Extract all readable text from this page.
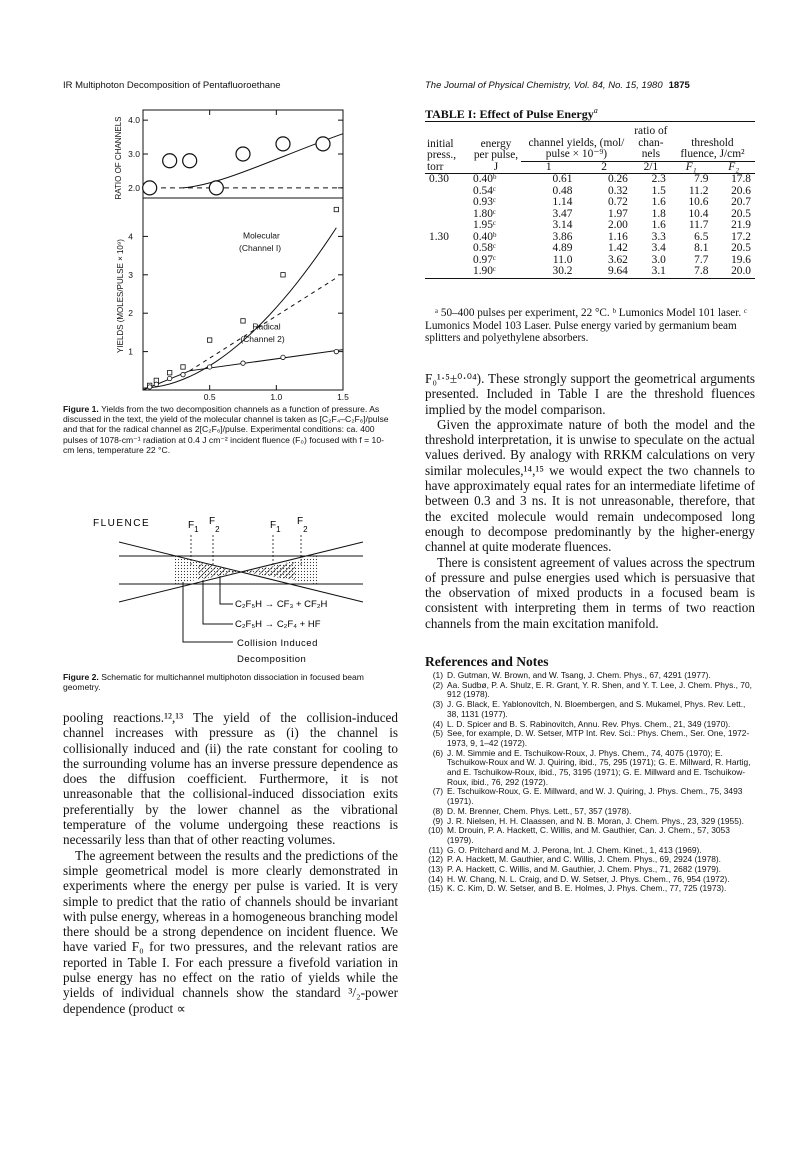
IR Multiphoton Decomposition of Pentafluoroethane	The Journal of Physical Chemistry, Vol. 84, No. 15, 1980 1875
4.0
3.0
2.0
4
3
2
1
0.5	1.0	1.5
RATIO OF CHANNELS
YIELDS (MOLES/PULSE × 10⁹)
Molecular
(Channel I)
Radical
(Channel 2)
Figure 1. Yields from the two decomposition channels as a function of pressure. As discussed in the text, the yield of the molecular channel is taken as [C₂F₄–C₂F₆]/pulse and that for the radical channel as 2[C₂F₆]/pulse. Experimental conditions: ca. 400 pulses of 1078-cm⁻¹ radiation at 0.4 J cm⁻² incident fluence (F₀) focused with f = 10-cm lens, temperature 22 °C.
FLUENCE	$F_1$
$F_2$	$F_1$
$F_2$
C₂F₅H → CF₃ + CF₂H
C₂F₅H → C₂F₄ + HF
Collision Induced
Decomposition
Figure 2. Schematic for multichannel multiphoton dissociation in focused beam geometry.

pooling reactions.¹²,¹³ The yield of the collision-induced channel increases with pressure as (i) the channel is collisionally induced and (ii) the rate constant for cooling to the surrounding volume has an inverse pressure dependence as does the diffusion coefficient. Furthermore, it is not unreasonable that the collisional-induced dissociation exits preferentially by the lower channel as the vibrational temperature of the volume undergoing these reactions is necessarily less than that of other reacting volumes.

The agreement between the results and the predictions of the simple geometrical model is more clearly demonstrated in experiments where the energy per pulse is varied. It is very simple to predict that the ratio of channels should be invariant with pulse energy, whereas in a homogeneous branching model there should be a strong dependence on incident fluence. We have varied F₀ for two pressures, and the relevant ratios are reported in Table I. For each pressure a fivefold variation in pulse energy has no effect on the ratio of yields while the yields of individual channels show the standard ³/₂-power dependence (product ∝

TABLE I: Effect of Pulse Energy$^a$
initial press., torr	energy per pulse, J	channel yields, (mol/ pulse × 10⁻⁹)		ratio of chan- nels	threshold fluence, J/cm²	
		1	2	2/1	F₁	F₂
0.30	0.40ᵇ	0.61	0.26	2.3	7.9	17.8
	0.54ᶜ	0.48	0.32	1.5	11.2	20.6
	0.93ᶜ	1.14	0.72	1.6	10.6	20.7
	1.80ᶜ	3.47	1.97	1.8	10.4	20.5
	1.95ᶜ	3.14	2.00	1.6	11.7	21.9
1.30	0.40ᵇ	3.86	1.16	3.3	6.5	17.2
	0.58ᶜ	4.89	1.42	3.4	8.1	20.5
	0.97ᶜ	11.0	3.62	3.0	7.7	19.6
	1.90ᶜ	30.2	9.64	3.1	7.8	20.0

ᵃ 50–400 pulses per experiment, 22 °C. ᵇ Lumonics Model 101 laser. ᶜ Lumonics Model 103 Laser. Pulse energy varied by germanium beam splitters and polyethylene absorbers.

F₀¹·⁵±⁰·⁰⁴). These strongly support the geometrical arguments presented. Included in Table I are the threshold fluences implied by the model comparison.

Given the approximate nature of both the model and the threshold interpretation, it is unwise to speculate on the actual values derived. By analogy with RRKM calculations on very similar molecules,¹⁴,¹⁵ we would expect the two channels to have approximately equal rates for an intermediate lifetime of between 0.3 and 3 ns. It is not unreasonable, therefore, that the excited molecule would remain undecomposed long enough to decompose predominantly by the higher-energy channel at quite moderate fluences.

There is consistent agreement of values across the spectrum of pressure and pulse energies used which is persuasive that the observation of mixed products in a focused beam is consistent with interpreting them in terms of two reaction channels from the main excitation manifold.

References and Notes
(1) D. Gutman, W. Brown, and W. Tsang, J. Chem. Phys., 67, 4291 (1977).
(2) Aa. Sudbø, P. A. Shulz, E. R. Grant, Y. R. Shen, and Y. T. Lee, J. Chem. Phys., 70, 912 (1978).
(3) J. G. Black, E. Yablonovitch, N. Bloembergen, and S. Mukamel, Phys. Rev. Lett., 38, 1131 (1977).
(4) L. D. Spicer and B. S. Rabinovitch, Annu. Rev. Phys. Chem., 21, 349 (1970).
(5) See, for example, D. W. Setser, MTP Int. Rev. Sci.: Phys. Chem., Ser. One, 1972-1973, 9, 1–42 (1972).
(6) J. M. Simmie and E. Tschuikow-Roux, J. Phys. Chem., 74, 4075 (1970); E. Tschuikow-Roux and W. J. Quiring, ibid., 75, 295 (1971); G. E. Millward, R. Hartig, and E. Tschuikow-Roux, ibid., 75, 3195 (1971); G. E. Millward and E. Tschuikow-Roux, ibid., 76, 292 (1972).
(7) E. Tschuikow-Roux, G. E. Millward, and W. J. Quiring, J. Phys. Chem., 75, 3493 (1971).
(8) D. M. Brenner, Chem. Phys. Lett., 57, 357 (1978).
(9) J. R. Nielsen, H. H. Claassen, and N. B. Moran, J. Chem. Phys., 23, 329 (1955).
(10) M. Drouin, P. A. Hackett, C. Willis, and M. Gauthier, Can. J. Chem., 57, 3053 (1979).
(11) G. O. Pritchard and M. J. Perona, Int. J. Chem. Kinet., 1, 413 (1969).
(12) P. A. Hackett, M. Gauthier, and C. Willis, J. Chem. Phys., 69, 2924 (1978).
(13) P. A. Hackett, C. Willis, and M. Gauthier, J. Chem. Phys., 71, 2682 (1979).
(14) H. W. Chang, N. L. Craig, and D. W. Setser, J. Phys. Chem., 76, 954 (1972).
(15) K. C. Kim, D. W. Setser, and B. E. Holmes, J. Phys. Chem., 77, 725 (1973).
